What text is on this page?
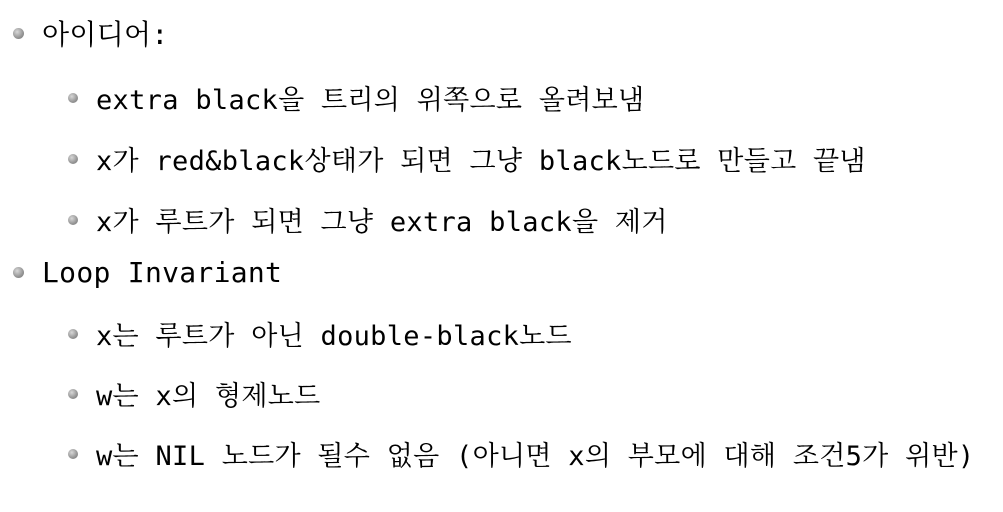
아이디어:
extra black을 트리의 위쪽으로 올려보냄
x가 red&black상태가 되면 그냥 black노드로 만들고 끝냄
x가 루트가 되면 그냥 extra black을 제거
Loop Invariant
x는 루트가 아닌 double-black노드
w는 x의 형제노드
w는 NIL 노드가 될수 없음 (아니면 x의 부모에 대해 조건5가 위반)
